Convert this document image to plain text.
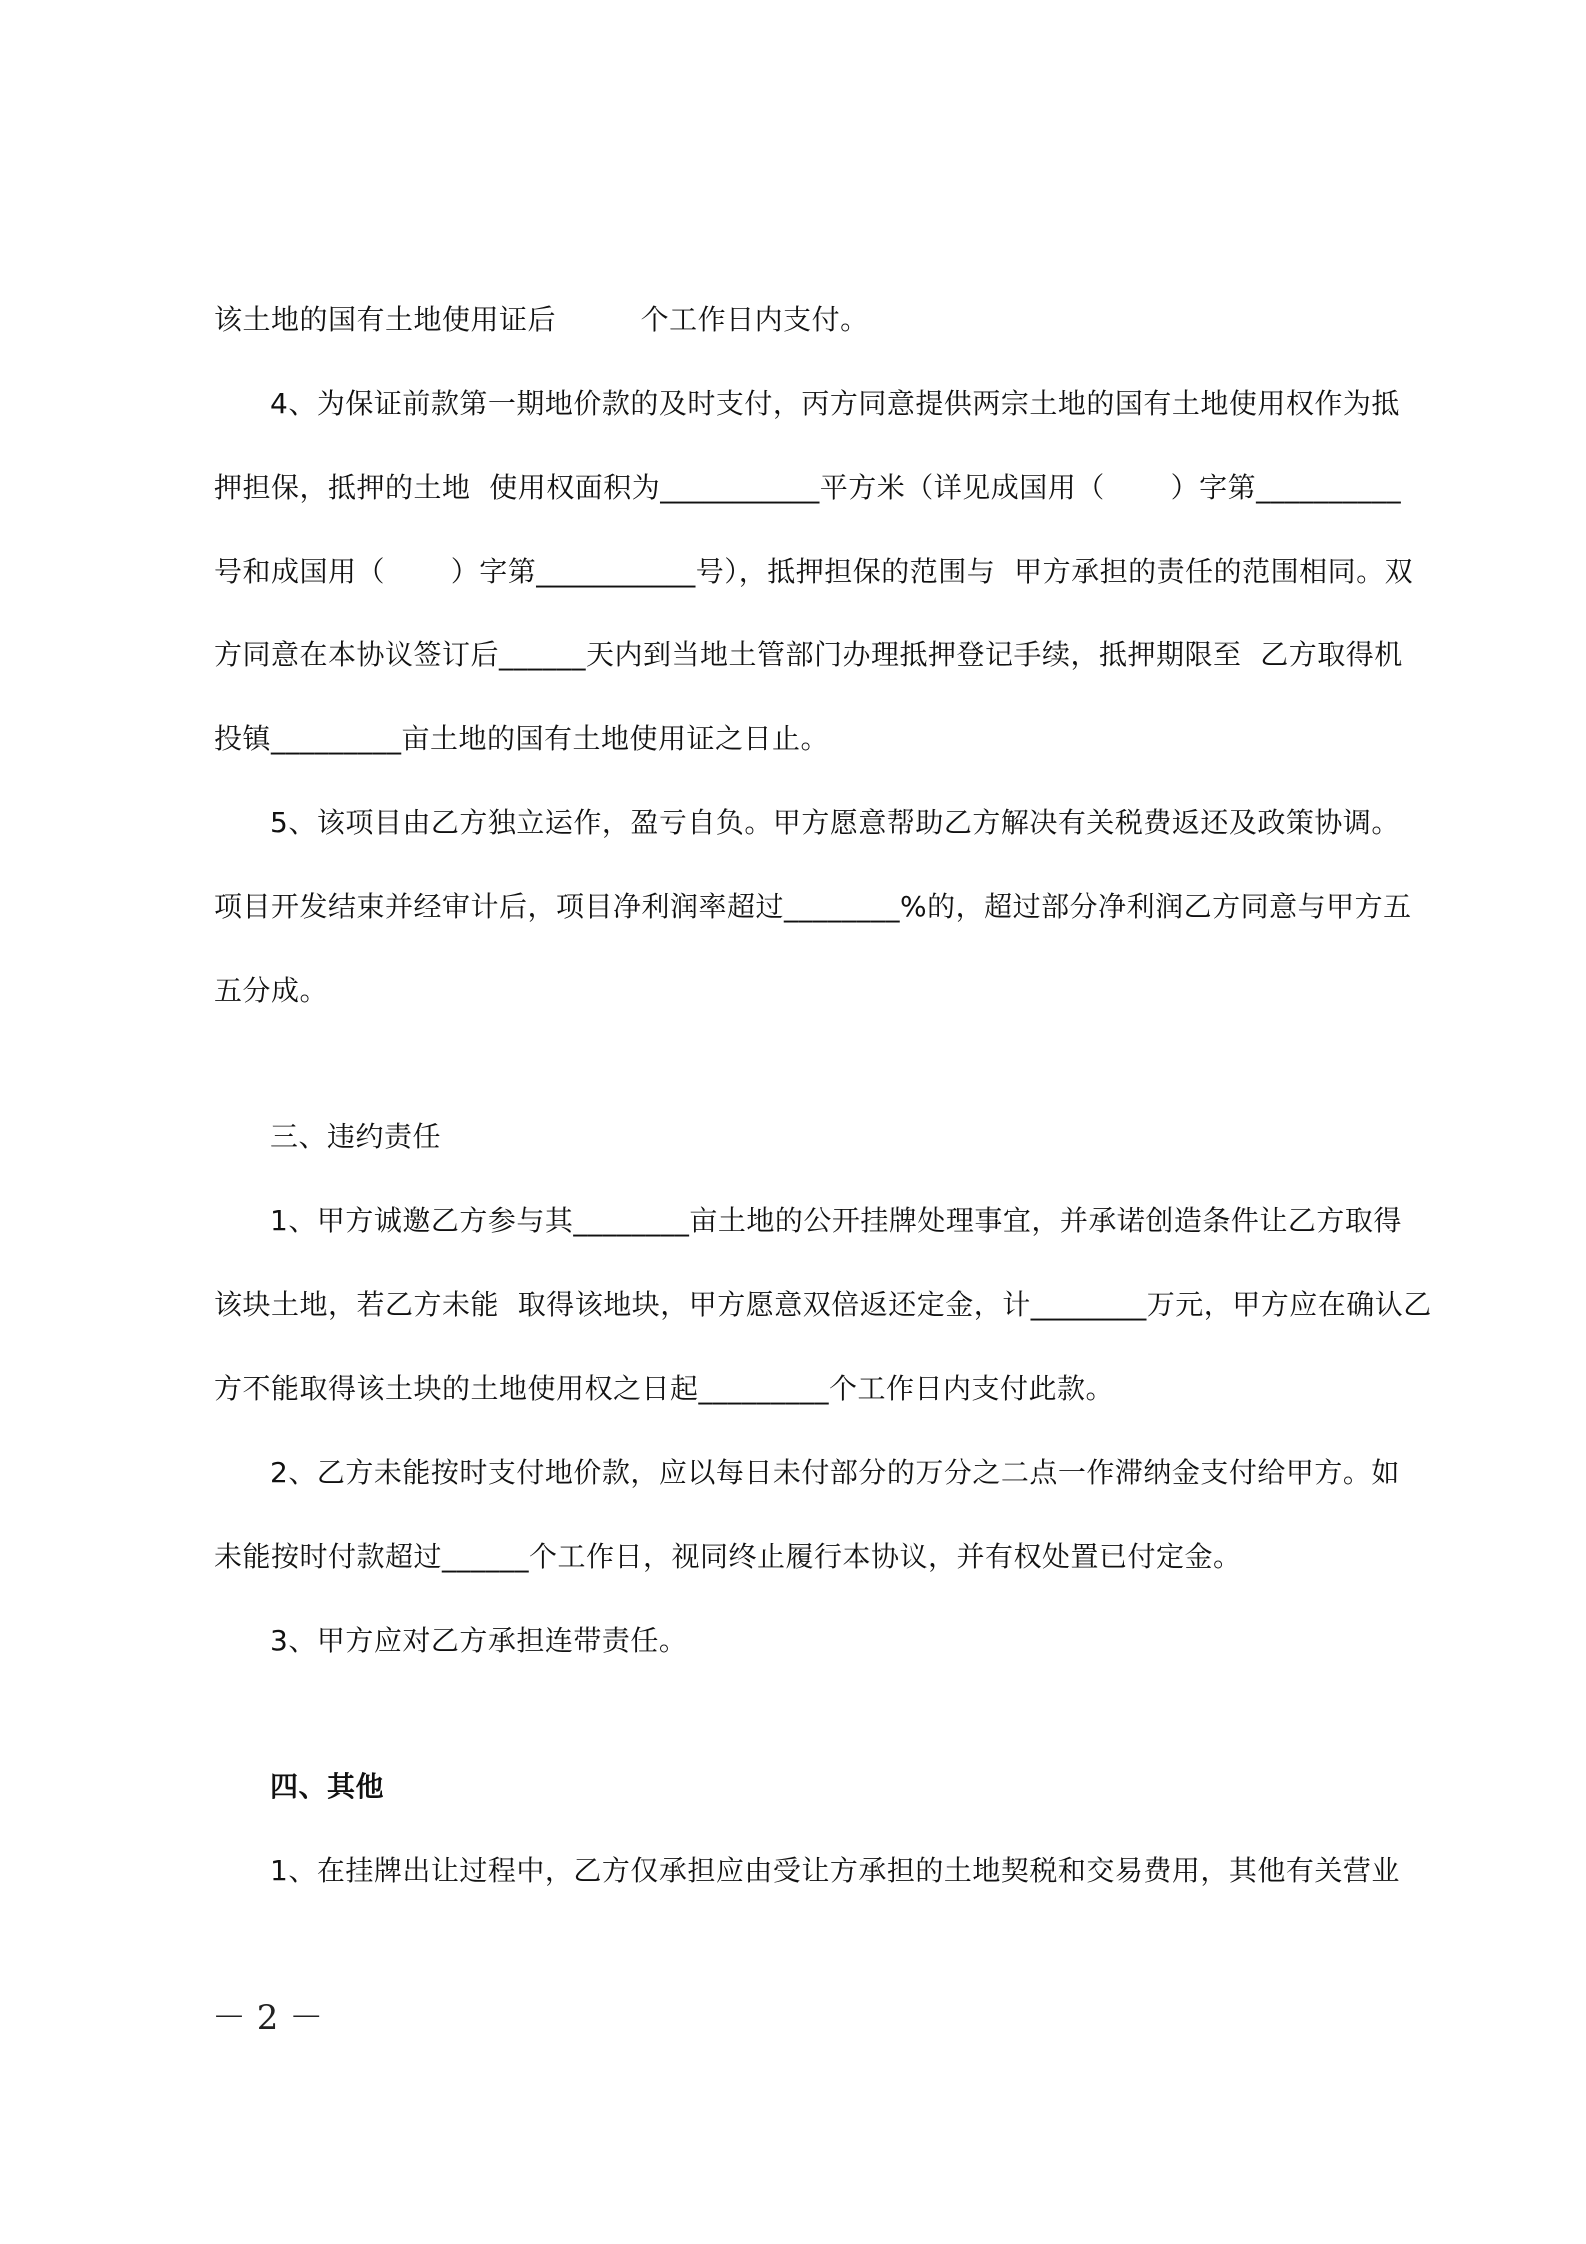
该土地的国有土地使用证后         个工作日内支付。
4、为保证前款第一期地价款的及时支付，丙方同意提供两宗土地的国有土地使用权作为抵
押担保，抵押的土地  使用权面积为___________平方米（详见成国用（       ）字第__________
号和成国用（       ）字第___________号），抵押担保的范围与  甲方承担的责任的范围相同。双
方同意在本协议签订后______天内到当地土管部门办理抵押登记手续，抵押期限至  乙方取得机
投镇_________亩土地的国有土地使用证之日止。
5、该项目由乙方独立运作，盈亏自负。甲方愿意帮助乙方解决有关税费返还及政策协调。
项目开发结束并经审计后，项目净利润率超过________%的，超过部分净利润乙方同意与甲方五
五分成。
三、违约责任
1、甲方诚邀乙方参与其________亩土地的公开挂牌处理事宜，并承诺创造条件让乙方取得
该块土地，若乙方未能  取得该地块，甲方愿意双倍返还定金，计________万元，甲方应在确认乙
方不能取得该土块的土地使用权之日起_________个工作日内支付此款。
2、乙方未能按时支付地价款，应以每日未付部分的万分之二点一作滞纳金支付给甲方。如
未能按时付款超过______个工作日，视同终止履行本协议，并有权处置已付定金。
3、甲方应对乙方承担连带责任。
四、其他
1、在挂牌出让过程中，乙方仅承担应由受让方承担的土地契税和交易费用，其他有关营业
－ 2 －
